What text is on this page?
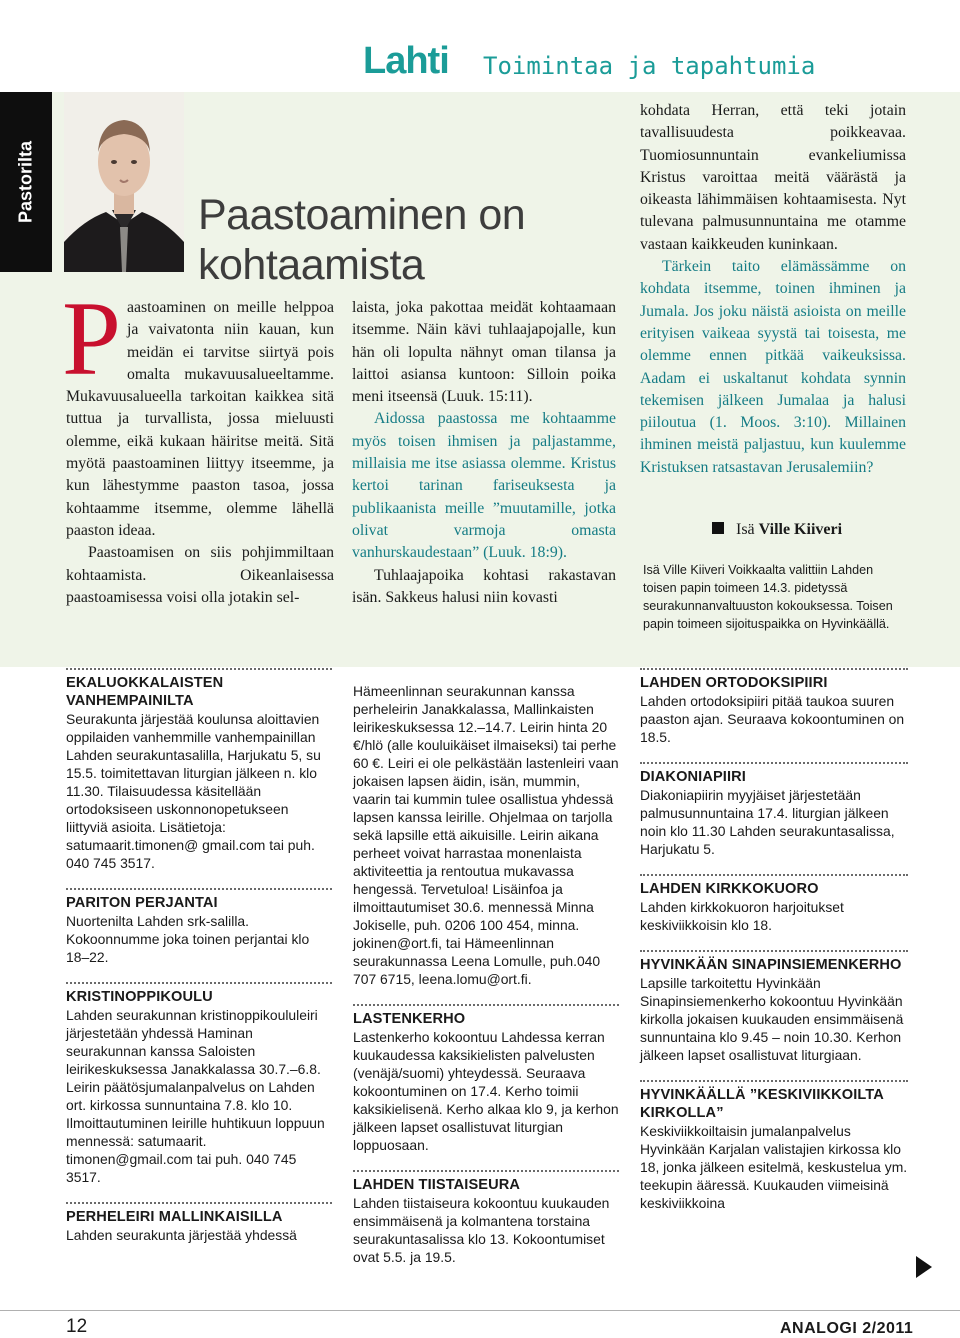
Lahti Toimintaa ja tapahtumia
Pastorilta	Paastoaminen on
kohtaamista
P aastoaminen on meille helppoa ja vaivatonta niin kauan, kun meidän ei tarvitse siirtyä pois omalta mukavuusalueeltamme. Mukavuusalueella tarkoitan kaikkea sitä tuttua ja turvallista, jossa mieluusti olemme, eikä kukaan häiritse meitä. Sitä myötä paastoaminen liittyy itseemme, ja kun lähestymme paaston tasoa, jossa kohtaamme itsemme, olemme lähellä paaston ideaa.

Paastoamisen on siis pohjimmiltaan kohtaamista. Oikeanlaisessa paastoamisessa voisi olla jotakin sel-

laista, joka pakottaa meidät kohtaamaan itsemme. Näin kävi tuhlaajapojalle, kun hän oli lopulta nähnyt oman tilansa ja laittoi asiansa kuntoon: Silloin poika meni itseensä (Luuk. 15:11).

Aidossa paastossa me kohtaamme myös toisen ihmisen ja paljastamme, millaisia me itse asiassa olemme. Kristus kertoi tarinan fariseuksesta ja publikaanista meille ”muutamille, jotka olivat varmoja omasta vanhurskaudestaan” (Luuk. 18:9).

Tuhlaajapoika kohtasi rakastavan isän. Sakkeus halusi niin kovasti

kohdata Herran, että teki jotain tavallisuudesta poikkeavaa. Tuomiosunnuntain evankeliumissa Kristus varoittaa meitä väärästä ja oikeasta lähimmäisen kohtaamisesta. Nyt tulevana palmusunnuntaina me otamme vastaan kaikkeuden kuninkaan.

Tärkein taito elämässämme on kohdata itsemme, toinen ihminen ja Jumala. Jos joku näistä asioista on meille erityisen vaikeaa syystä tai toisesta, me olemme ennen pitkää vaikeuksissa. Aadam ei uskaltanut kohdata synnin tekemisen jälkeen Jumalaa ja halusi piiloutua (1. Moos. 3:10). Millainen ihminen meistä paljastuu, kun kuulemme Kristuksen ratsastavan Jerusalemiin?

Isä Ville Kiiveri
Isä Ville Kiiveri Voikkaalta valittiin Lahden toisen papin toimeen 14.3. pidetyssä seurakunnanvaltuuston kokouksessa. Toisen papin toimeen sijoituspaikka on Hyvinkäällä.
EKALUOKKALAISTEN VANHEMPAINILTA

Seurakunta järjestää koulunsa aloittavien oppilaiden vanhemmille vanhempainillan Lahden seurakuntasalilla, Harjukatu 5, su 15.5. toimitettavan liturgian jälkeen n. klo 11.30. Tilaisuudessa käsitellään ortodoksiseen uskonnonopetukseen liittyviä asioita. Lisätietoja: satumaarit.timonen@ gmail.com tai puh. 040 745 3517.

PARITON PERJANTAI

Nuortenilta Lahden srk-salilla. Kokoonnumme joka toinen perjantai klo 18–22.

KRISTINOPPIKOULU

Lahden seurakunnan kristinoppikoululeiri järjestetään yhdessä Haminan seurakunnan kanssa Saloisten leirikeskuksessa Janakkalassa 30.7.–6.8. Leirin päätösjumalanpalvelus on Lahden ort. kirkossa sunnuntaina 7.8. klo 10. Ilmoittautuminen leirille huhtikuun loppuun mennessä: satumaarit. timonen@gmail.com tai puh. 040 745 3517.

PERHELEIRI MALLINKAISILLA

Lahden seurakunta järjestää yhdessä

Hämeenlinnan seurakunnan kanssa perheleirin Janakkalassa, Mallinkaisten leirikeskuksessa 12.–14.7. Leirin hinta 20 €/hlö (alle kouluikäiset ilmaiseksi) tai perhe 60 €. Leiri ei ole pelkästään lastenleiri vaan jokaisen lapsen äidin, isän, mummin, vaarin tai kummin tulee osallistua yhdessä lapsen kanssa leirille. Ohjelmaa on tarjolla sekä lapsille että aikuisille. Leirin aikana perheet voivat harrastaa monenlaista aktiviteettia ja rentoutua mukavassa hengessä. Tervetuloa! Lisäinfoa ja ilmoittautumiset 30.6. mennessä Minna Jokiselle, puh. 0206 100 454, minna. jokinen@ort.fi, tai Hämeenlinnan seurakunnassa Leena Lomulle, puh.040 707 6715, leena.lomu@ort.fi.

LASTENKERHO

Lastenkerho kokoontuu Lahdessa kerran kuukaudessa kaksikielisten palvelusten (venäjä/suomi) yhteydessä. Seuraava kokoontuminen on 17.4. Kerho toimii kaksikielisenä. Kerho alkaa klo 9, ja kerhon jälkeen lapset osallistuvat liturgian loppuosaan.

LAHDEN TIISTAISEURA

Lahden tiistaiseura kokoontuu kuukauden ensimmäisenä ja kolmantena torstaina seurakuntasalissa klo 13. Kokoontumiset ovat 5.5. ja 19.5.

LAHDEN ORTODOKSIPIIRI

Lahden ortodoksipiiri pitää taukoa suuren paaston ajan. Seuraava kokoontuminen on 18.5.

DIAKONIAPIIRI

Diakoniapiirin myyjäiset järjestetään palmusunnuntaina 17.4. liturgian jälkeen noin klo 11.30 Lahden seurakuntasalissa, Harjukatu 5.

LAHDEN KIRKKOKUORO

Lahden kirkkokuoron harjoitukset keskiviikkoisin klo 18.

HYVINKÄÄN SINAPINSIEMENKERHO

Lapsille tarkoitettu Hyvinkään Sinapinsiemenkerho kokoontuu Hyvinkään kirkolla jokaisen kuukauden ensimmäisenä sunnuntaina klo 9.45 – noin 10.30. Kerhon jälkeen lapset osallistuvat liturgiaan.

HYVINKÄÄLLÄ ”KESKIVIIKKOILTA KIRKOLLA”

Keskiviikkoiltaisin jumalanpalvelus Hyvinkään Karjalan valistajien kirkossa klo 18, jonka jälkeen esitelmä, keskustelua ym. teekupin ääressä. Kuukauden viimeisinä keskiviikkoina

12	ANALOGI 2/2011
